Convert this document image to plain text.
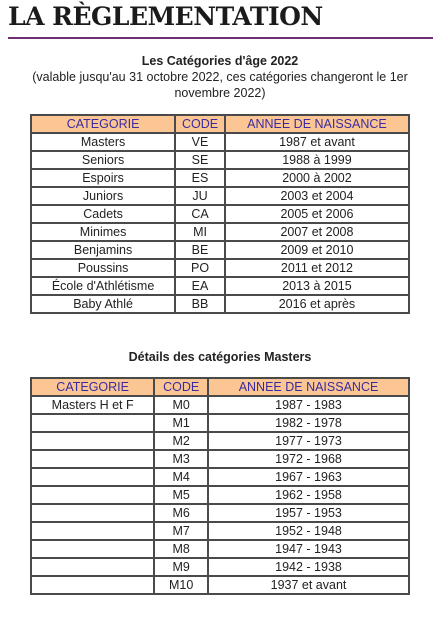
LA RÈGLEMENTATION
Les Catégories d'âge 2022
(valable jusqu'au 31 octobre 2022, ces catégories changeront le 1er novembre 2022)
CATEGORIE	CODE	ANNEE DE NAISSANCE
Masters	VE	1987 et avant
Seniors	SE	1988 à 1999
Espoirs	ES	2000 à 2002
Juniors	JU	2003 et 2004
Cadets	CA	2005 et 2006
Minimes	MI	2007 et 2008
Benjamins	BE	2009 et 2010
Poussins	PO	2011 et 2012
École d'Athlétisme	EA	2013 à 2015
Baby Athlé	BB	2016 et après
Détails des catégories Masters
CATEGORIE	CODE	ANNEE DE NAISSANCE
Masters H et F	M0	1987 - 1983
	M1	1982 - 1978
	M2	1977 - 1973
	M3	1972 - 1968
	M4	1967 - 1963
	M5	1962 - 1958
	M6	1957 - 1953
	M7	1952 - 1948
	M8	1947 - 1943
	M9	1942 - 1938
	M10	1937 et avant
